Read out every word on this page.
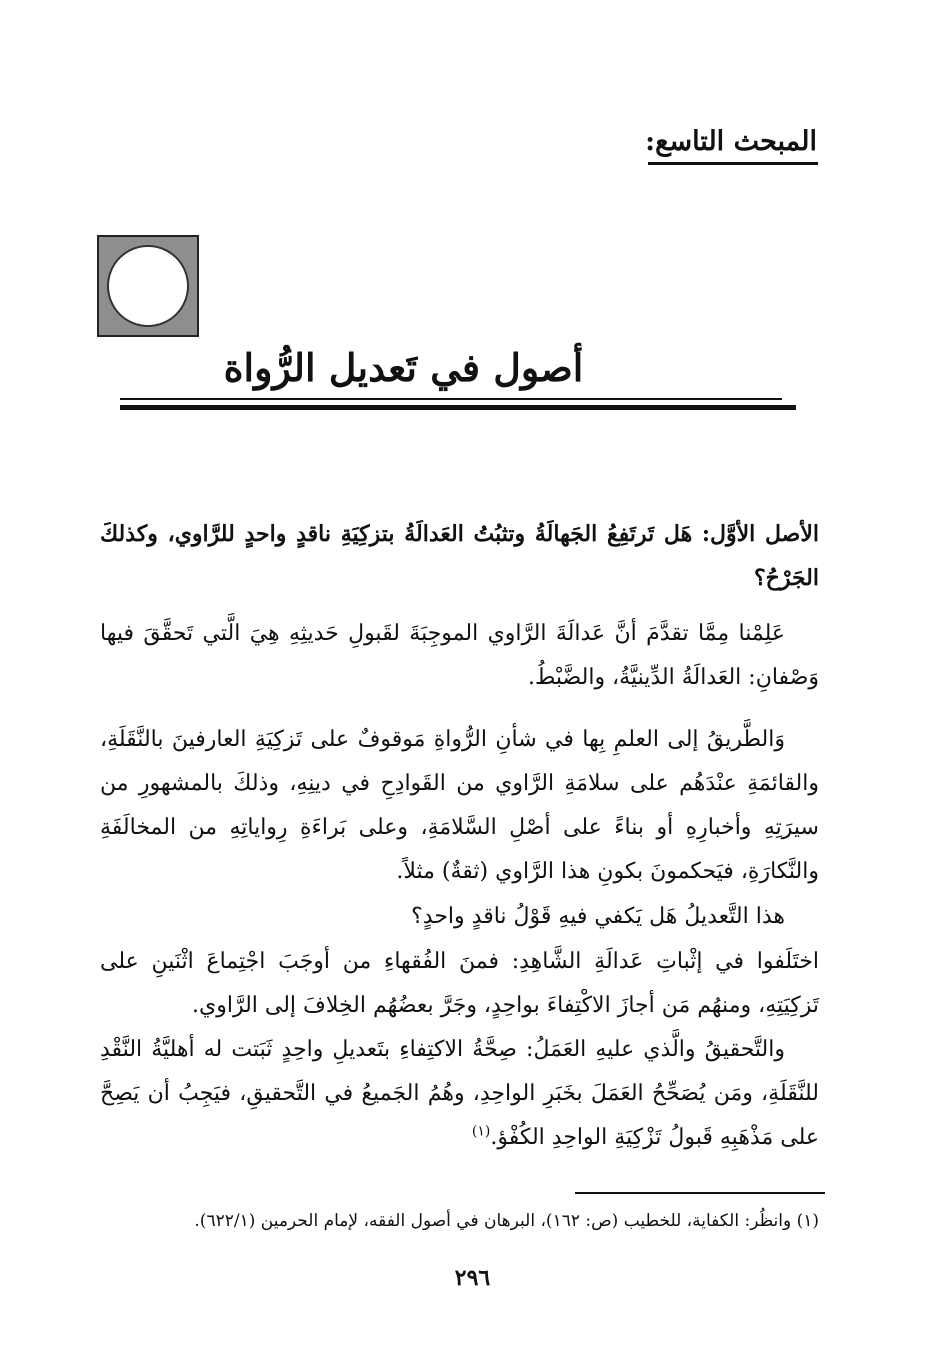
المبحث التاسع:
أصول في تَعديل الرُّواة
الأصل الأوَّل: هَل تَرتَفِعُ الجَهالَةُ وتثبُتُ العَدالَةُ بتزكِيَةِ ناقدٍ واحدٍ للرَّاوي، وكذلكَ الجَرْحُ؟
عَلِمْنا مِمَّا تقدَّمَ أنَّ عَدالَةَ الرَّاوي الموجِبَةَ لقَبولِ حَديثِهِ هِيَ الَّتي تَحقَّقَ فيها وَصْفانِ: العَدالَةُ الدِّينيَّةُ، والضَّبْطُ.
وَالطَّريقُ إلى العلمِ بِها في شأنِ الرُّواةِ مَوقوفٌ على تَزكِيَةِ العارفينَ بالنَّقَلَةِ، والقائمَةِ عنْدَهُم على سلامَةِ الرَّاوي من القَوادِحِ في دينِهِ، وذلكَ بالمشهورِ من سيرَتِهِ وأخبارِهِ أو بناءً على أصْلِ السَّلامَةِ، وعلى بَراءَةِ رِواياتِهِ من المخالَفَةِ والنَّكارَةِ، فيَحكمونَ بكونِ هذا الرَّاوي (ثقةٌ) مثلاً.
هذا التَّعديلُ هَل يَكفي فيهِ قَوْلُ ناقدٍ واحدٍ؟
اختَلَفوا في إثْباتِ عَدالَةِ الشَّاهِدِ: فمنَ الفُقهاءِ من أوجَبَ اجْتِماعَ اثْنَينِ على تَزكِيَتِهِ، ومنهُم مَن أجازَ الاكْتِفاءَ بواحِدٍ، وجَرَّ بعضُهُم الخِلافَ إلى الرَّاوي.
والتَّحقيقُ والَّذي عليهِ العَمَلُ: صِحَّةُ الاكتِفاءِ بتَعديلِ واحِدٍ ثَبَتت له أهليَّةُ النَّقْدِ للنَّقَلَةِ، ومَن يُصَحِّحُ العَمَلَ بخَبَرِ الواحِدِ، وهُمُ الجَميعُ في التَّحقيقِ، فيَجِبُ أن يَصِحَّ على مَذْهَبِهِ قَبولُ تَزْكِيَةِ الواحِدِ الكُفْؤ.$^{(١)}$
(١) وانظُر: الكفاية، للخطيب (ص: ١٦٢)، البرهان في أصول الفقه، لإمام الحرمين (٦٢٢/١).
٢٩٦
